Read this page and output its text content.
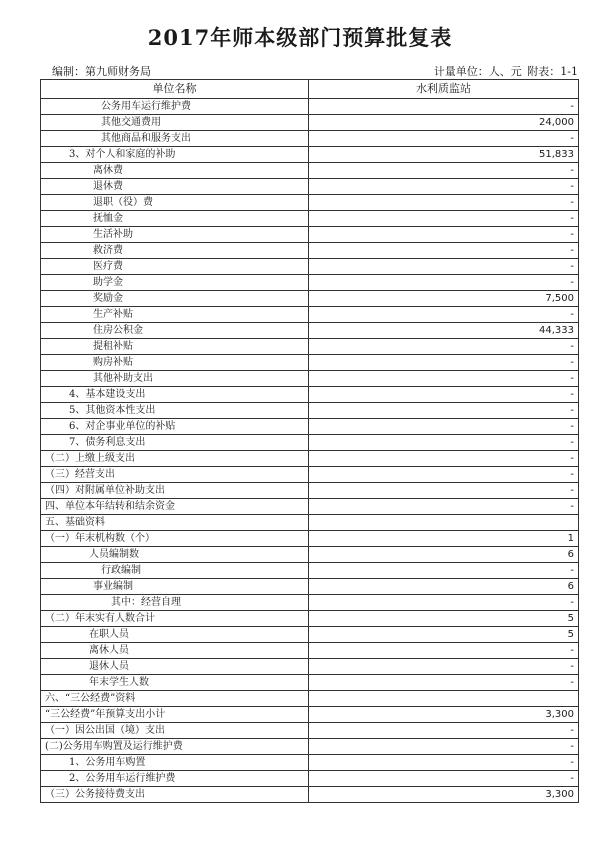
2017年师本级部门预算批复表
编制：第九师财务局	计量单位：人、元 附表：1-1
单位名称	水利质监站
公务用车运行维护费	-
其他交通费用	24,000
其他商品和服务支出	-
3、对个人和家庭的补助	51,833
离休费	-
退休费	-
退职（役）费	-
抚恤金	-
生活补助	-
救济费	-
医疗费	-
助学金	-
奖励金	7,500
生产补贴	-
住房公积金	44,333
提租补贴	-
购房补贴	-
其他补助支出	-
4、基本建设支出	-
5、其他资本性支出	-
6、对企事业单位的补贴	-
7、债务利息支出	-
（二）上缴上级支出	-
（三）经营支出	-
（四）对附属单位补助支出	-
四、单位本年结转和结余资金	-
五、基础资料	
（一）年末机构数（个）	1
人员编制数	6
行政编制	-
事业编制	6
其中：经营自理	-
（二）年末实有人数合计	5
在职人员	5
离休人员	-
退休人员	-
年末学生人数	-
六、“三公经费”资料	
“三公经费”年预算支出小计	3,300
（一）因公出国（境）支出	-
(二)公务用车购置及运行维护费	-
1、公务用车购置	-
2、公务用车运行维护费	-
（三）公务接待费支出	3,300
